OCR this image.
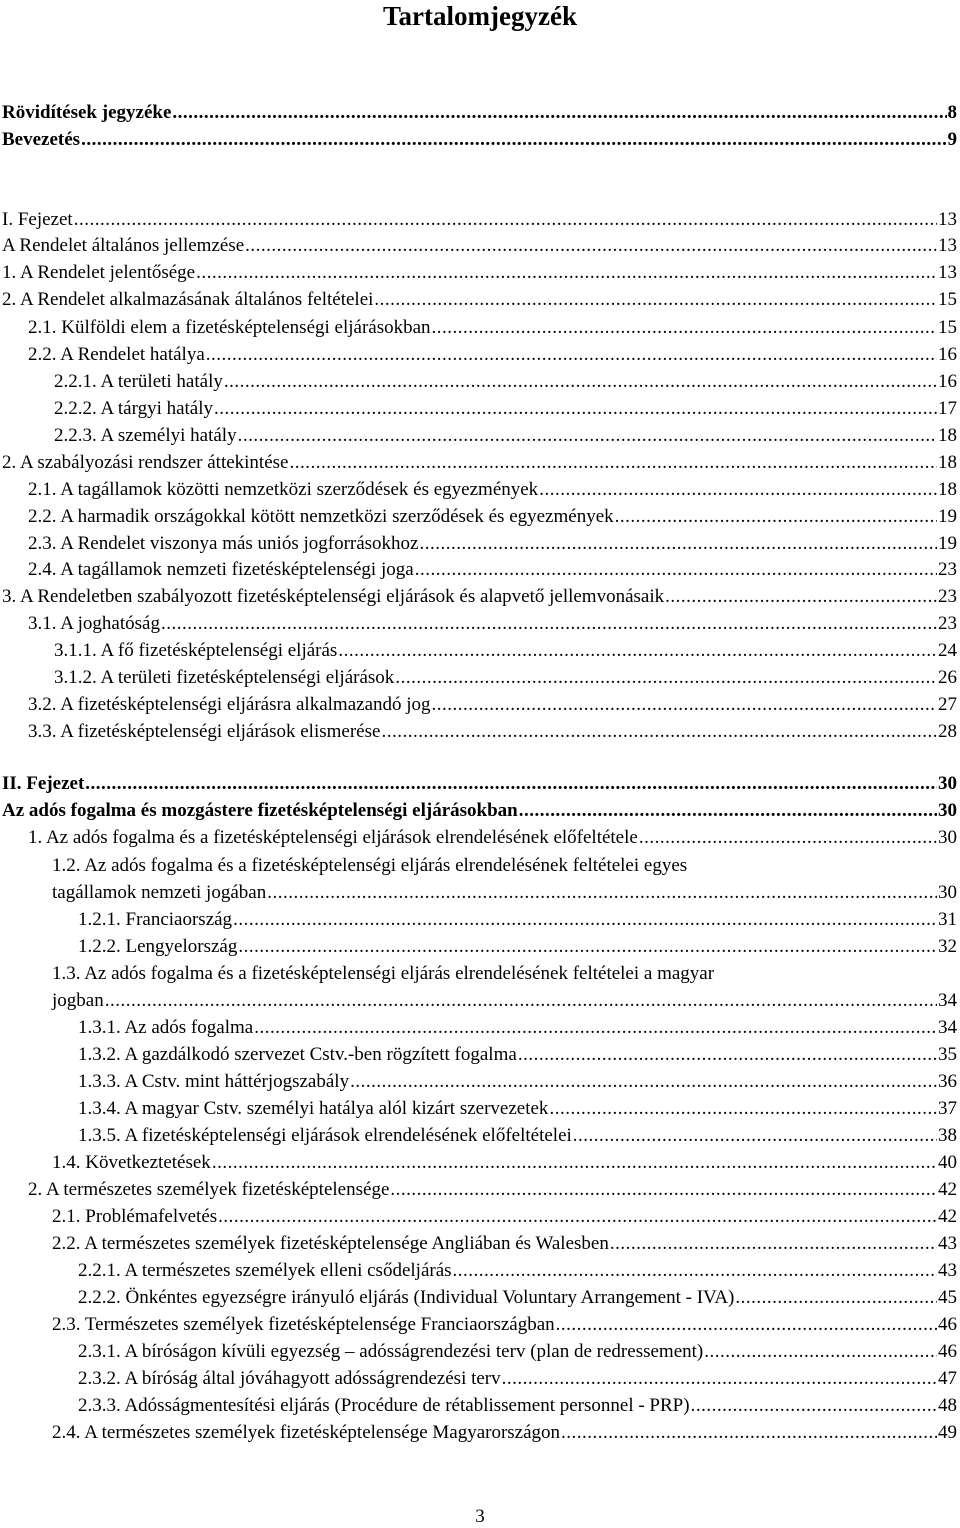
Tartalomjegyzék
Rövidítések jegyzéke .....	8
Bevezetés .....	9
I. Fejezet .....	13
A Rendelet általános jellemzése .....	13
1. A Rendelet jelentősége .....	13
2. A Rendelet alkalmazásának általános feltételei .....	15
2.1. Külföldi elem a fizetésképtelenségi eljárásokban .....	15
2.2. A Rendelet hatálya .....	16
2.2.1. A területi hatály .....	16
2.2.2. A tárgyi hatály .....	17
2.2.3. A személyi hatály .....	18
2. A szabályozási rendszer áttekintése .....	18
2.1. A tagállamok közötti nemzetközi szerződések és egyezmények .....	18
2.2. A harmadik országokkal kötött nemzetközi szerződések és egyezmények .....	19
2.3. A Rendelet viszonya más uniós jogforrásokhoz .....	19
2.4. A tagállamok nemzeti fizetésképtelenségi joga .....	23
3. A Rendeletben szabályozott fizetésképtelenségi eljárások és alapvető jellemvonásaik .....	23
3.1. A joghatóság .....	23
3.1.1. A fő fizetésképtelenségi eljárás .....	24
3.1.2. A területi fizetésképtelenségi eljárások .....	26
3.2. A fizetésképtelenségi eljárásra alkalmazandó jog .....	27
3.3. A fizetésképtelenségi eljárások elismerése .....	28
II. Fejezet .....	30
Az adós fogalma és mozgástere fizetésképtelenségi eljárásokban .....	30
1. Az adós fogalma és a fizetésképtelenségi eljárások elrendelésének előfeltétele .....	30
1.2. Az adós fogalma és a fizetésképtelenségi eljárás elrendelésének feltételei egyes
tagállamok nemzeti jogában .....	30
1.2.1. Franciaország .....	31
1.2.2. Lengyelország .....	32
1.3. Az adós fogalma és a fizetésképtelenségi eljárás elrendelésének feltételei a magyar
jogban .....	34
1.3.1. Az adós fogalma .....	34
1.3.2. A gazdálkodó szervezet Cstv.-ben rögzített fogalma .....	35
1.3.3. A Cstv. mint háttérjogszabály .....	36
1.3.4. A magyar Cstv. személyi hatálya alól kizárt szervezetek .....	37
1.3.5. A fizetésképtelenségi eljárások elrendelésének előfeltételei .....	38
1.4. Következtetések .....	40
2. A természetes személyek fizetésképtelensége .....	42
2.1. Problémafelvetés .....	42
2.2. A természetes személyek fizetésképtelensége Angliában és Walesben .....	43
2.2.1. A természetes személyek elleni csődeljárás .....	43
2.2.2. Önkéntes egyezségre irányuló eljárás (Individual Voluntary Arrangement - IVA) .....	45
2.3. Természetes személyek fizetésképtelensége Franciaországban .....	46
2.3.1. A bíróságon kívüli egyezség – adósságrendezési terv (plan de redressement) .....	46
2.3.2. A bíróság által jóváhagyott adósságrendezési terv .....	47
2.3.3. Adósságmentesítési eljárás (Procédure de rétablissement personnel - PRP) .....	48
2.4. A természetes személyek fizetésképtelensége Magyarországon .....	49
3
